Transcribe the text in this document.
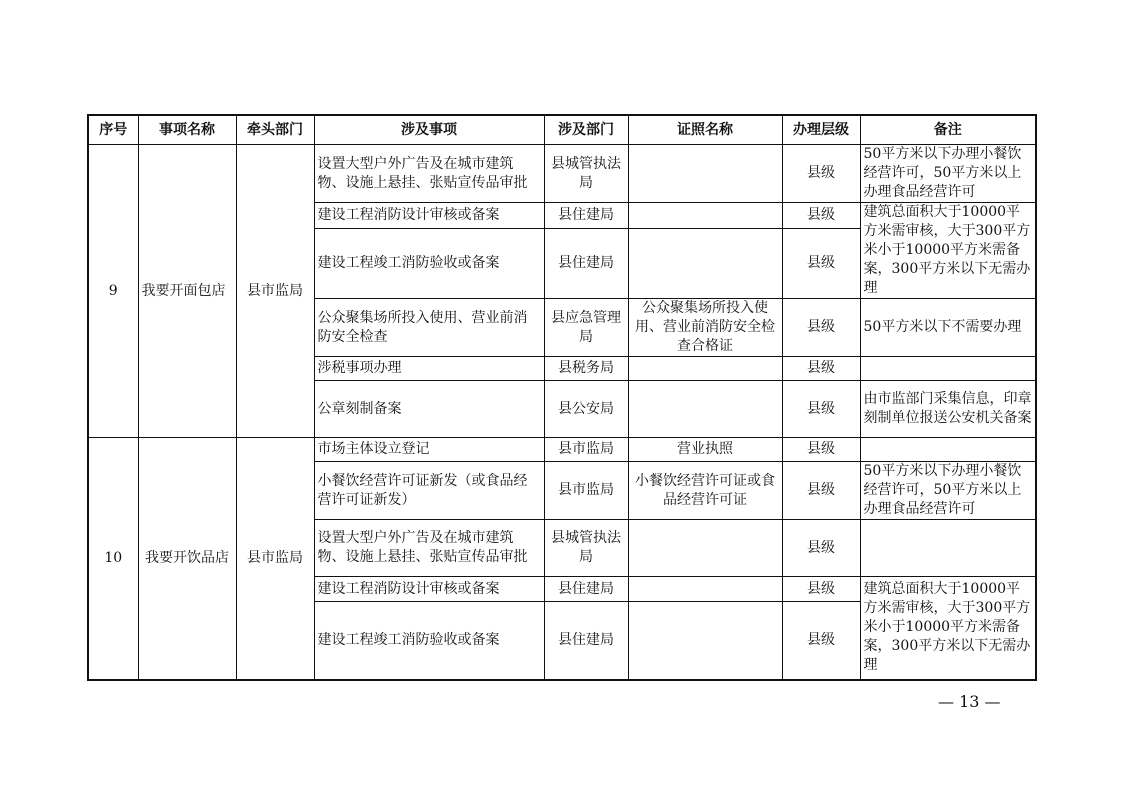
序号	事项名称	牵头部门	涉及事项	涉及部门	证照名称	办理层级	备注
9	我要开面包店	县市监局	设置大型户外广告及在城市建筑物、设施上悬挂、张贴宣传品审批	县城管执法局		县级	50平方米以下办理小餐饮经营许可，50平方米以上办理食品经营许可
			建设工程消防设计审核或备案	县住建局		县级	建筑总面积大于10000平方米需审核，大于300平方米小于10000平方米需备案，300平方米以下无需办理
			建设工程竣工消防验收或备案	县住建局		县级	
			公众聚集场所投入使用、营业前消防安全检查	县应急管理局	公众聚集场所投入使用、营业前消防安全检查合格证	县级	50平方米以下不需要办理
			涉税事项办理	县税务局		县级	
			公章刻制备案	县公安局		县级	由市监部门采集信息，印章刻制单位报送公安机关备案
10	我要开饮品店	县市监局	市场主体设立登记	县市监局	营业执照	县级	
			小餐饮经营许可证新发（或食品经营许可证新发）	县市监局	小餐饮经营许可证或食品经营许可证	县级	50平方米以下办理小餐饮经营许可，50平方米以上办理食品经营许可
			设置大型户外广告及在城市建筑物、设施上悬挂、张贴宣传品审批	县城管执法局		县级	
			建设工程消防设计审核或备案	县住建局		县级	建筑总面积大于10000平方米需审核，大于300平方米小于10000平方米需备案，300平方米以下无需办理
			建设工程竣工消防验收或备案	县住建局		县级	
— 13 —
